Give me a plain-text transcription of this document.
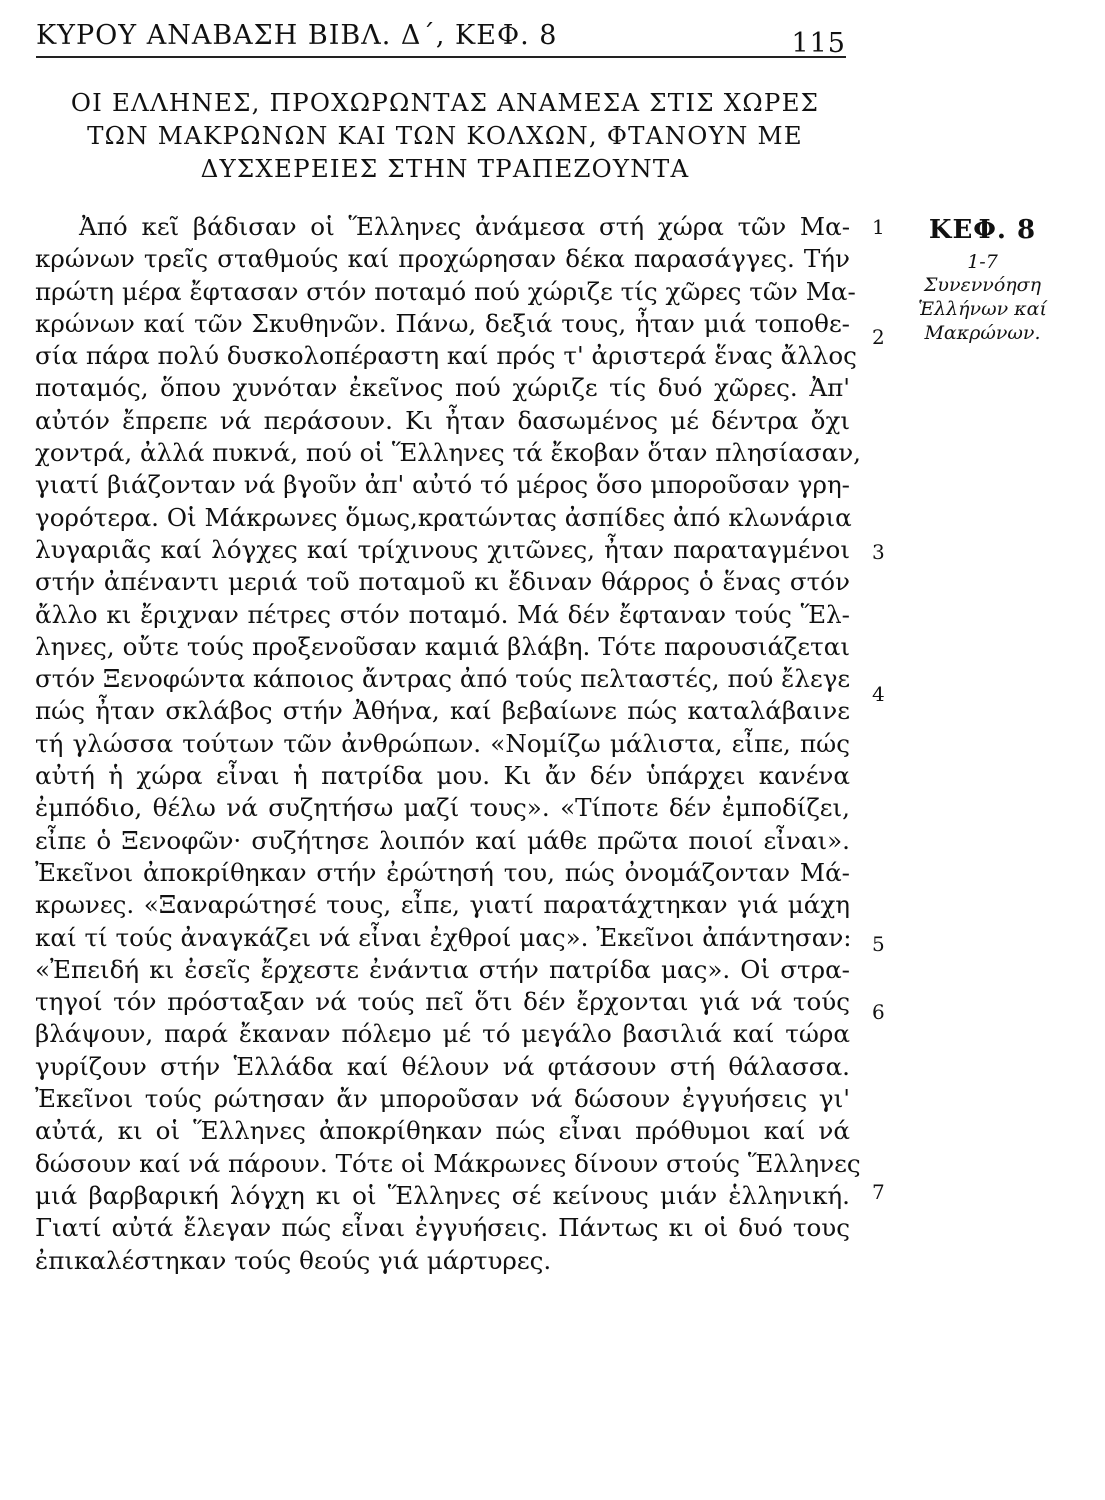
ΚΥΡΟΥ ΑΝΑΒΑΣΗ ΒΙΒΛ. Δ΄, ΚΕΦ. 8	115
ΟΙ ΕΛΛΗΝΕΣ, ΠΡΟΧΩΡΩΝΤΑΣ ΑΝΑΜΕΣΑ ΣΤΙΣ ΧΩΡΕΣ
ΤΩΝ ΜΑΚΡΩΝΩΝ ΚΑΙ ΤΩΝ ΚΟΛΧΩΝ, ΦΤΑΝΟΥΝ ΜΕ
ΔΥΣΧΕΡΕΙΕΣ ΣΤΗΝ ΤΡΑΠΕΖΟΥΝΤΑ
ΚΕΦ. 8
1-7
Συνεννόηση
Ἑλλήνων καί
Μακρώνων.
Ἀπό κεῖ βάδισαν οἱ Ἕλληνες ἀνάμεσα στή χώρα τῶν Μα-
κρώνων τρεῖς σταθμούς καί προχώρησαν δέκα παρασάγγες. Τήν
πρώτη μέρα ἔφτασαν στόν ποταμό πού χώριζε τίς χῶρες τῶν Μα-
κρώνων καί τῶν Σκυθηνῶν. Πάνω, δεξιά τους, ἦταν μιά τοποθε-
σία πάρα πολύ δυσκολοπέραστη καί πρός τ' ἀριστερά ἕνας ἄλλος
ποταμός, ὅπου χυνόταν ἐκεῖνος πού χώριζε τίς δυό χῶρες. Ἀπ'
αὐτόν ἔπρεπε νά περάσουν. Κι ἦταν δασωμένος μέ δέντρα ὄχι
χοντρά, ἀλλά πυκνά, πού οἱ Ἕλληνες τά ἔκοβαν ὅταν πλησίασαν,
γιατί βιάζονταν νά βγοῦν ἀπ' αὐτό τό μέρος ὅσο μποροῦσαν γρη-
γορότερα. Οἱ Μάκρωνες ὅμως,κρατώντας ἀσπίδες ἀπό κλωνάρια
λυγαριᾶς καί λόγχες καί τρίχινους χιτῶνες, ἦταν παραταγμένοι
στήν ἀπέναντι μεριά τοῦ ποταμοῦ κι ἔδιναν θάρρος ὁ ἕνας στόν
ἄλλο κι ἔριχναν πέτρες στόν ποταμό. Μά δέν ἔφταναν τούς Ἕλ-
ληνες, οὔτε τούς προξενοῦσαν καμιά βλάβη. Τότε παρουσιάζεται
στόν Ξενοφώντα κάποιος ἄντρας ἀπό τούς πελταστές, πού ἔλεγε
πώς ἦταν σκλάβος στήν Ἀθήνα, καί βεβαίωνε πώς καταλάβαινε
τή γλώσσα τούτων τῶν ἀνθρώπων. «Νομίζω μάλιστα, εἶπε, πώς
αὐτή ἡ χώρα εἶναι ἡ πατρίδα μου. Κι ἄν δέν ὑπάρχει κανένα
ἐμπόδιο, θέλω νά συζητήσω μαζί τους». «Τίποτε δέν ἐμποδίζει,
εἶπε ὁ Ξενοφῶν· συζήτησε λοιπόν καί μάθε πρῶτα ποιοί εἶναι».
Ἐκεῖνοι ἀποκρίθηκαν στήν ἐρώτησή του, πώς ὀνομάζονταν Μά-
κρωνες. «Ξαναρώτησέ τους, εἶπε, γιατί παρατάχτηκαν γιά μάχη
καί τί τούς ἀναγκάζει νά εἶναι ἐχθροί μας». Ἐκεῖνοι ἀπάντησαν:
«Ἐπειδή κι ἐσεῖς ἔρχεστε ἐνάντια στήν πατρίδα μας». Οἱ στρα-
τηγοί τόν πρόσταξαν νά τούς πεῖ ὅτι δέν ἔρχονται γιά νά τούς
βλάψουν, παρά ἔκαναν πόλεμο μέ τό μεγάλο βασιλιά καί τώρα
γυρίζουν στήν Ἑλλάδα καί θέλουν νά φτάσουν στή θάλασσα.
Ἐκεῖνοι τούς ρώτησαν ἄν μποροῦσαν νά δώσουν ἐγγυήσεις γι'
αὐτά, κι οἱ Ἕλληνες ἀποκρίθηκαν πώς εἶναι πρόθυμοι καί νά
δώσουν καί νά πάρουν. Τότε οἱ Μάκρωνες δίνουν στούς Ἕλληνες
μιά βαρβαρική λόγχη κι οἱ Ἕλληνες σέ κείνους μιάν ἑλληνική.
Γιατί αὐτά ἔλεγαν πώς εἶναι ἐγγυήσεις. Πάντως κι οἱ δυό τους
ἐπικαλέστηκαν τούς θεούς γιά μάρτυρες.
1
2
3
4
5
6
7
